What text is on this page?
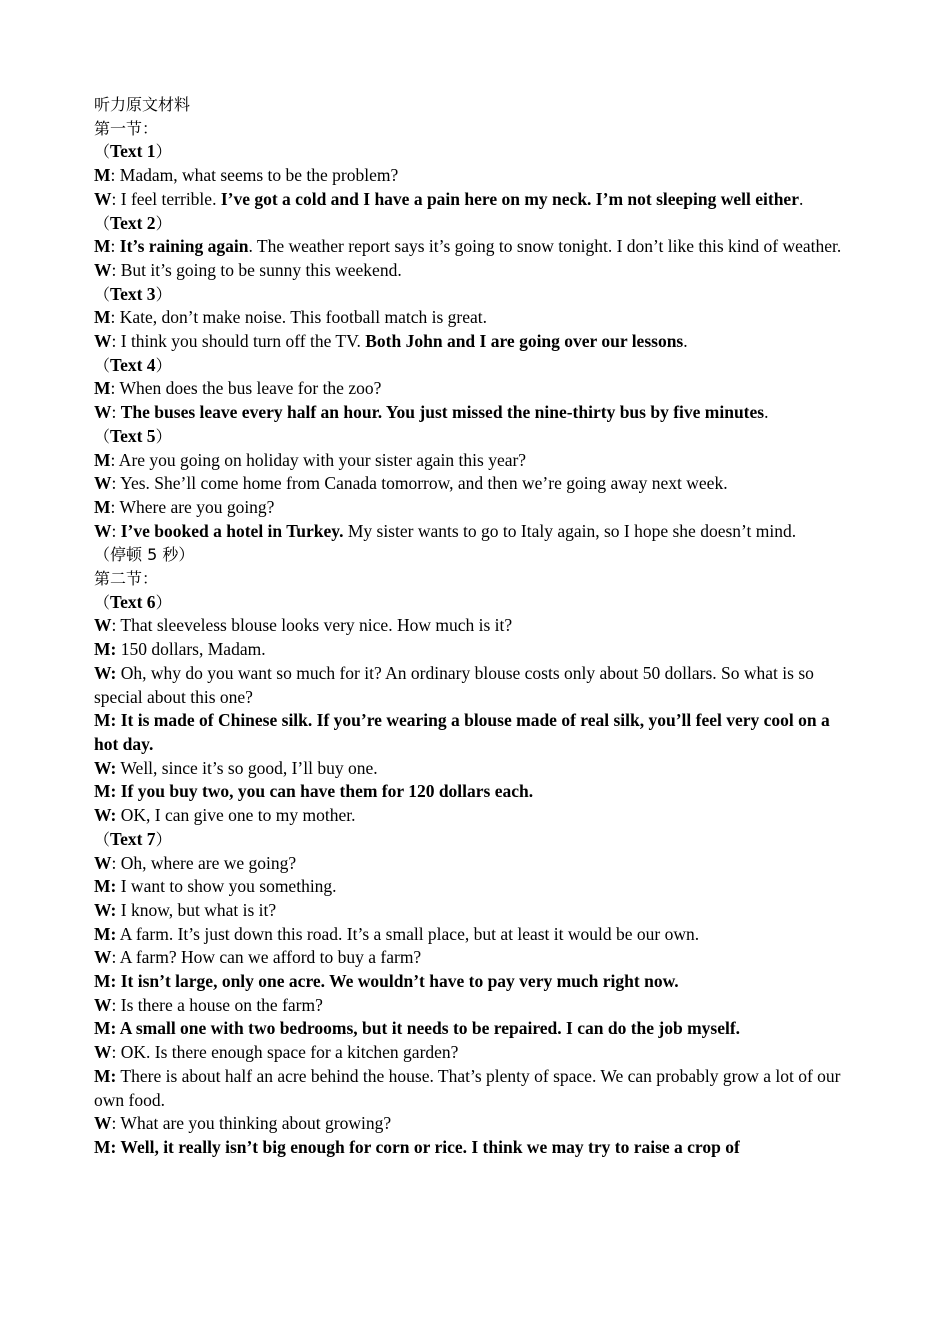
听力原文材料
第一节：
（Text 1）
M: Madam, what seems to be the problem?
W: I feel terrible. I’ve got a cold and I have a pain here on my neck. I’m not sleeping well either.
（Text 2）
M: It’s raining again. The weather report says it’s going to snow tonight. I don’t like this kind of weather.
W: But it’s going to be sunny this weekend.
（Text 3）
M: Kate, don’t make noise. This football match is great.
W: I think you should turn off the TV. Both John and I are going over our lessons.
（Text 4）
M: When does the bus leave for the zoo?
W: The buses leave every half an hour. You just missed the nine-thirty bus by five minutes.
（Text 5）
M: Are you going on holiday with your sister again this year?
W: Yes. She’ll come home from Canada tomorrow, and then we’re going away next week.
M: Where are you going?
W: I’ve booked a hotel in Turkey. My sister wants to go to Italy again, so I hope she doesn’t mind.
（停顿 5 秒）
第二节：
（Text 6）
W: That sleeveless blouse looks very nice. How much is it?
M: 150 dollars, Madam.
W: Oh, why do you want so much for it? An ordinary blouse costs only about 50 dollars. So what is so special about this one?
M: It is made of Chinese silk. If you’re wearing a blouse made of real silk, you’ll feel very cool on a hot day.
W: Well, since it’s so good, I’ll buy one.
M: If you buy two, you can have them for 120 dollars each.
W: OK, I can give one to my mother.
（Text 7）
W: Oh, where are we going?
M: I want to show you something.
W: I know, but what is it?
M: A farm. It’s just down this road. It’s a small place, but at least it would be our own.
W: A farm? How can we afford to buy a farm?
M: It isn’t large, only one acre. We wouldn’t have to pay very much right now.
W: Is there a house on the farm?
M: A small one with two bedrooms, but it needs to be repaired. I can do the job myself.
W: OK. Is there enough space for a kitchen garden?
M: There is about half an acre behind the house. That’s plenty of space. We can probably grow a lot of our own food.
W: What are you thinking about growing?
M: Well, it really isn’t big enough for corn or rice. I think we may try to raise a crop of
